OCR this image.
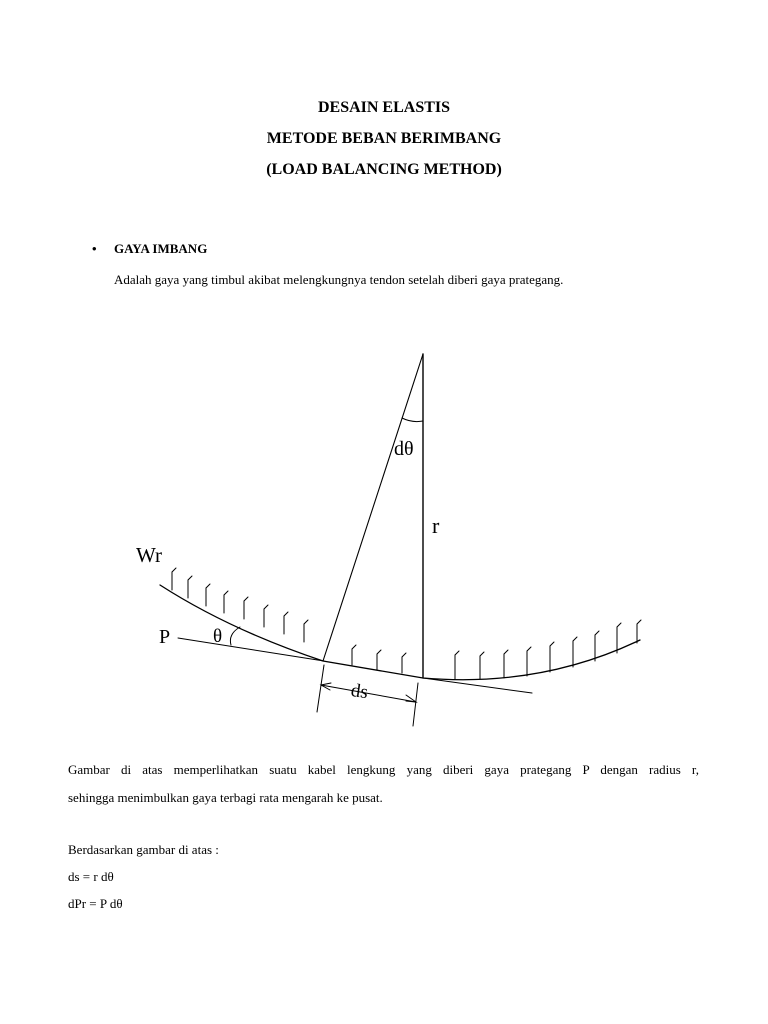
DESAIN ELASTIS
METODE BEBAN BERIMBANG
(LOAD BALANCING METHOD)
• GAYA IMBANG
Adalah gaya yang timbul akibat melengkungnya tendon setelah diberi gaya prategang.
dθ
r
Wr
P θ
ds
Gambar di atas memperlihatkan suatu kabel lengkung yang diberi gaya prategang P dengan radius r,
sehingga menimbulkan gaya terbagi rata mengarah ke pusat.
Berdasarkan gambar di atas :
ds = r dθ
dPr = P dθ
